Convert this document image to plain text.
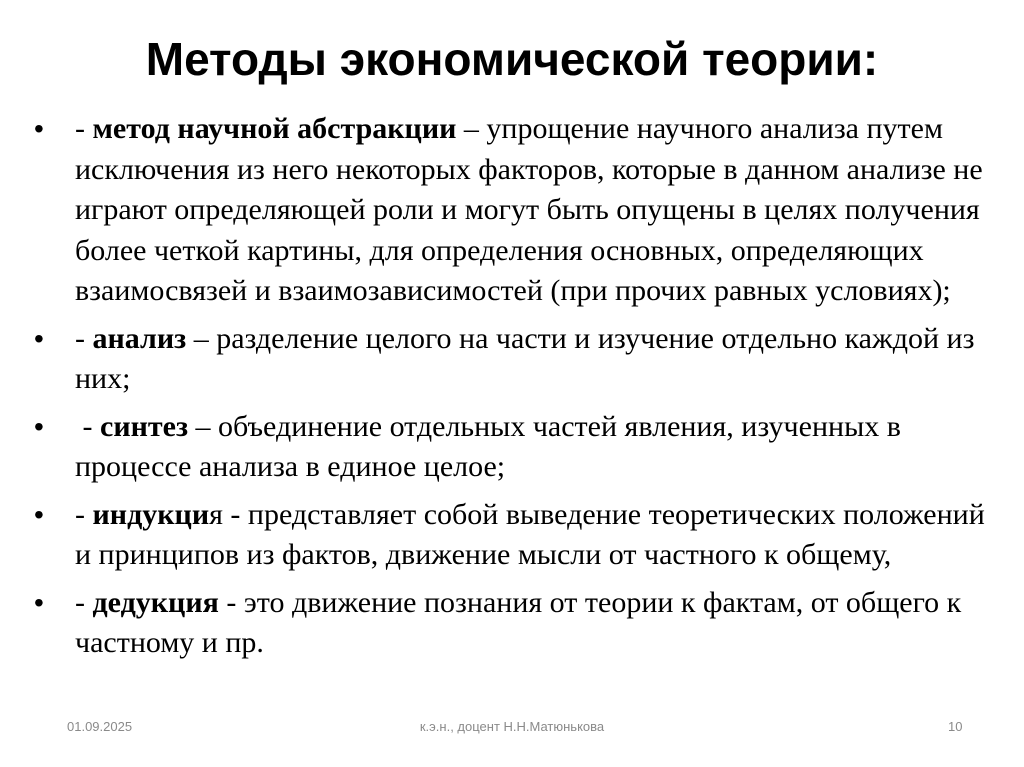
Методы экономической теории:
• - метод научной абстракции – упрощение научного анализа путем исключения из него некоторых факторов, которые в данном анализе не играют определяющей роли и могут быть опущены в целях получения более четкой картины, для определения основных, определяющих взаимосвязей и взаимозависимостей (при прочих равных условиях);
• - анализ – разделение целого на части и изучение отдельно каждой из них;
• - синтез – объединение отдельных частей явления, изученных в процессе анализа в единое целое;
• - индукция - представляет собой выведение теоретических положений и принципов из фактов, движение мысли от частного к общему,
• - дедукция - это движение познания от теории к фактам, от общего к частному и пр.
01.09.2025	к.э.н., доцент Н.Н.Матюнькова	10
